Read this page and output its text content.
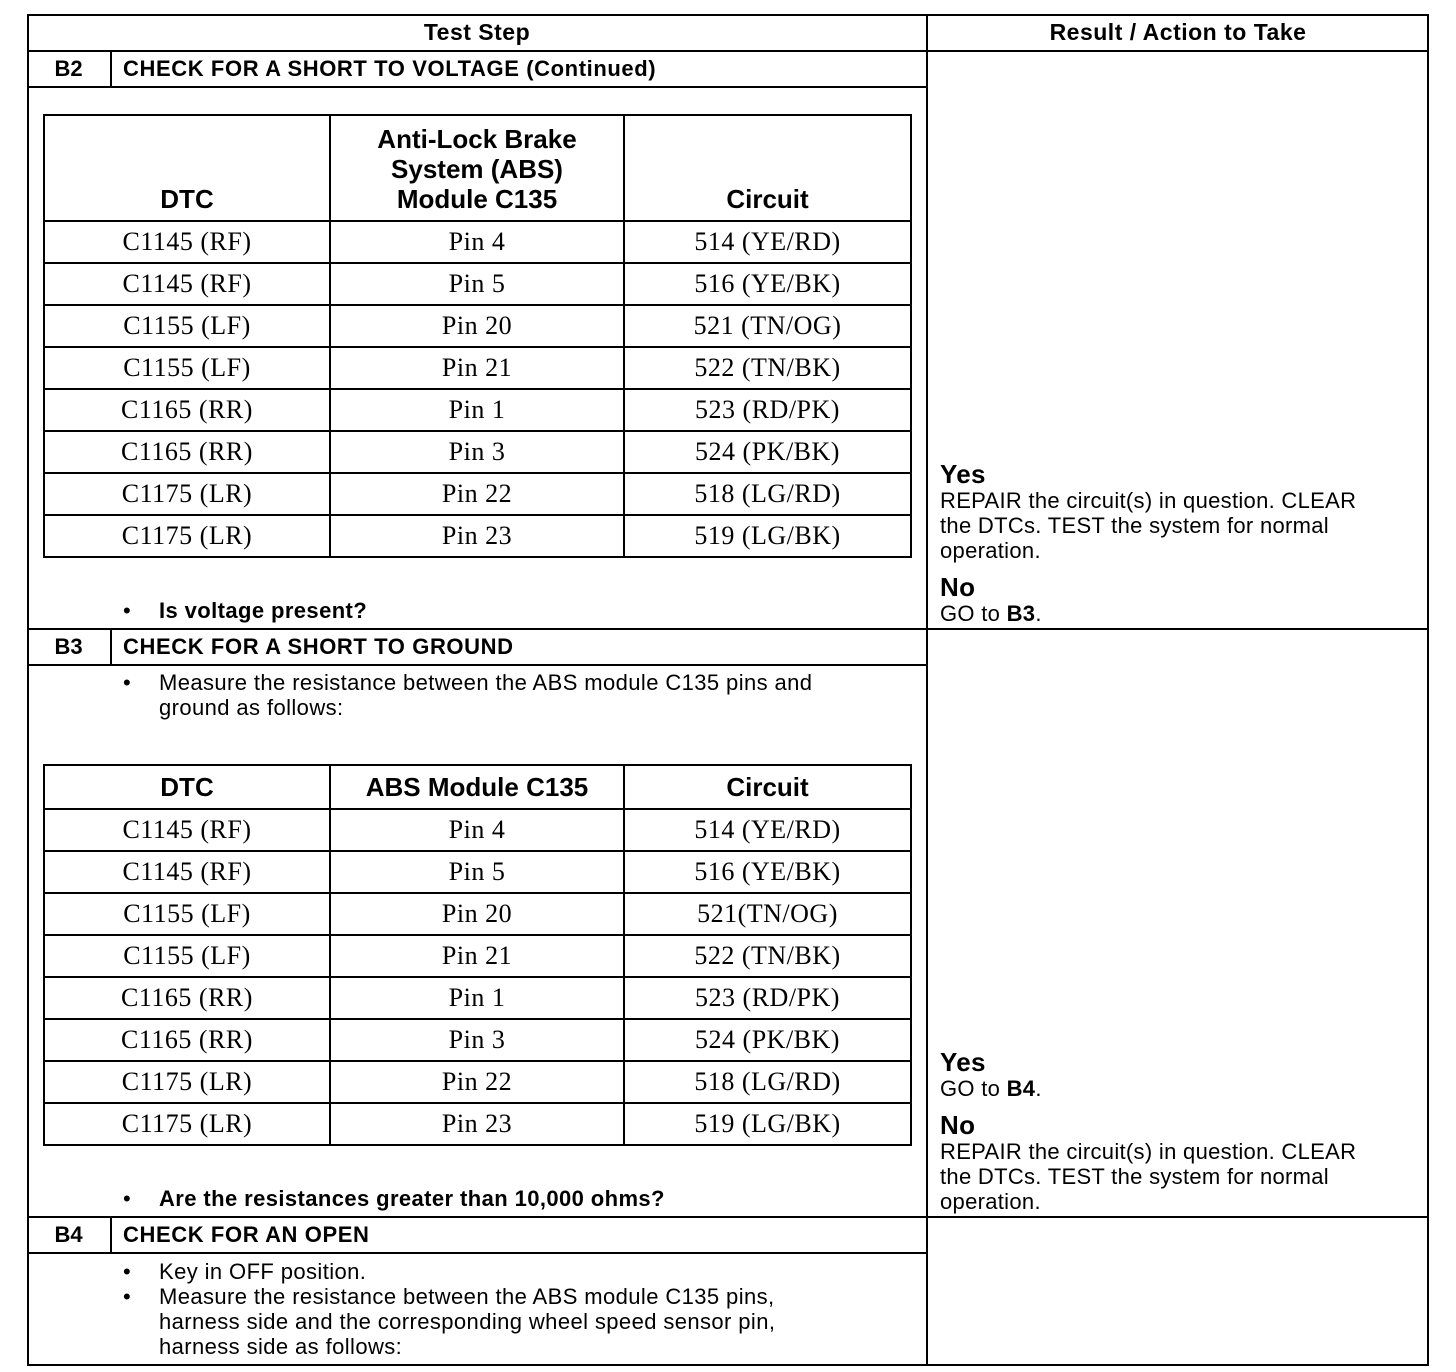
Test Step	Result / Action to Take
B2	CHECK FOR A SHORT TO VOLTAGE (Continued)
DTC	Anti-Lock Brake System (ABS) Module C135	Circuit
C1145 (RF)	Pin 4	514 (YE/RD)
C1145 (RF)	Pin 5	516 (YE/BK)
C1155 (LF)	Pin 20	521 (TN/OG)
C1155 (LF)	Pin 21	522 (TN/BK)
C1165 (RR)	Pin 1	523 (RD/PK)
C1165 (RR)	Pin 3	524 (PK/BK)
C1175 (LR)	Pin 22	518 (LG/RD)
C1175 (LR)	Pin 23	519 (LG/BK)
• Is voltage present?
Yes
REPAIR the circuit(s) in question. CLEAR
the DTCs. TEST the system for normal
operation.
No
GO to B3.
B3	CHECK FOR A SHORT TO GROUND
• Measure the resistance between the ABS module C135 pins and
ground as follows:
DTC	ABS Module C135	Circuit
C1145 (RF)	Pin 4	514 (YE/RD)
C1145 (RF)	Pin 5	516 (YE/BK)
C1155 (LF)	Pin 20	521(TN/OG)
C1155 (LF)	Pin 21	522 (TN/BK)
C1165 (RR)	Pin 1	523 (RD/PK)
C1165 (RR)	Pin 3	524 (PK/BK)
C1175 (LR)	Pin 22	518 (LG/RD)
C1175 (LR)	Pin 23	519 (LG/BK)
• Are the resistances greater than 10,000 ohms?
Yes
GO to B4.
No
REPAIR the circuit(s) in question. CLEAR
the DTCs. TEST the system for normal
operation.
B4	CHECK FOR AN OPEN
• Key in OFF position.
• Measure the resistance between the ABS module C135 pins,
harness side and the corresponding wheel speed sensor pin,
harness side as follows:
